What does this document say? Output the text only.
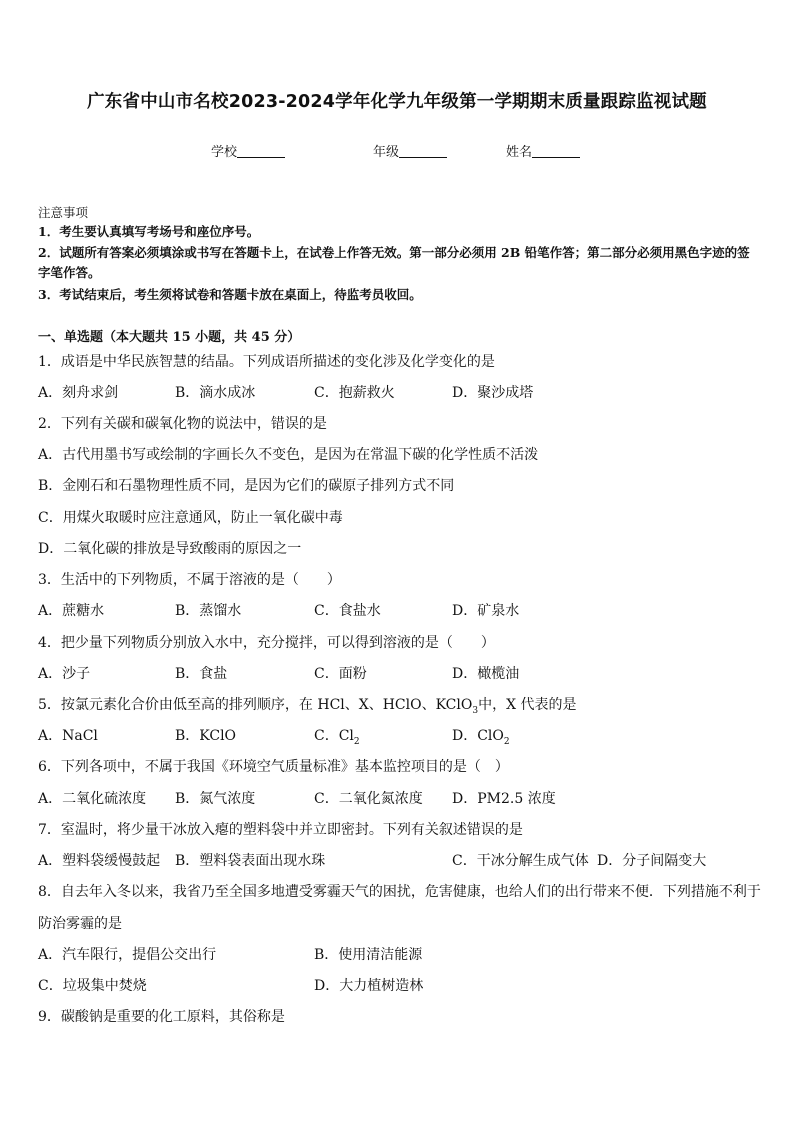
广东省中山市名校2023-2024学年化学九年级第一学期期末质量跟踪监视试题
学校	年级	姓名
注意事项
1．考生要认真填写考场号和座位序号。
2．试题所有答案必须填涂或书写在答题卡上，在试卷上作答无效。第一部分必须用 2B 铅笔作答；第二部分必须用黑色字迹的签字笔作答。
3．考试结束后，考生须将试卷和答题卡放在桌面上，待监考员收回。
一、单选题（本大题共 15 小题，共 45 分）
1．成语是中华民族智慧的结晶。下列成语所描述的变化涉及化学变化的是
A．刻舟求剑	B．滴水成冰	C．抱薪救火	D．聚沙成塔
2．下列有关碳和碳氧化物的说法中，错误的是
A．古代用墨书写或绘制的字画长久不变色，是因为在常温下碳的化学性质不活泼
B．金刚石和石墨物理性质不同，是因为它们的碳原子排列方式不同
C．用煤火取暖时应注意通风，防止一氧化碳中毒
D．二氧化碳的排放是导致酸雨的原因之一
3．生活中的下列物质，不属于溶液的是（　　）
A．蔗糖水	B．蒸馏水	C．食盐水	D．矿泉水
4．把少量下列物质分别放入水中，充分搅拌，可以得到溶液的是（　　）
A．沙子	B．食盐	C．面粉	D．橄榄油
5．按氯元素化合价由低至高的排列顺序，在 HCl、X、HClO、KClO$_3$中，X 代表的是
A．NaCl	B．KClO	C．$Cl_2$	D．ClO$_2$
6．下列各项中，不属于我国《环境空气质量标准》基本监控项目的是（　）
A．二氧化硫浓度 B．氮气浓度	C．二氧化氮浓度 D．PM2.5 浓度
7．室温时，将少量干冰放入瘪的塑料袋中并立即密封。下列有关叙述错误的是
A．塑料袋缓慢鼓起 B．塑料袋表面出现水珠	C．干冰分解生成气体 D．分子间隔变大
8．自去年入冬以来，我省乃至全国多地遭受雾霾天气的困扰，危害健康，也给人们的出行带来不便．下列措施不利于
防治雾霾的是
A．汽车限行，提倡公交出行	B．使用清洁能源
C．垃圾集中焚烧	D．大力植树造林
9．碳酸钠是重要的化工原料，其俗称是
